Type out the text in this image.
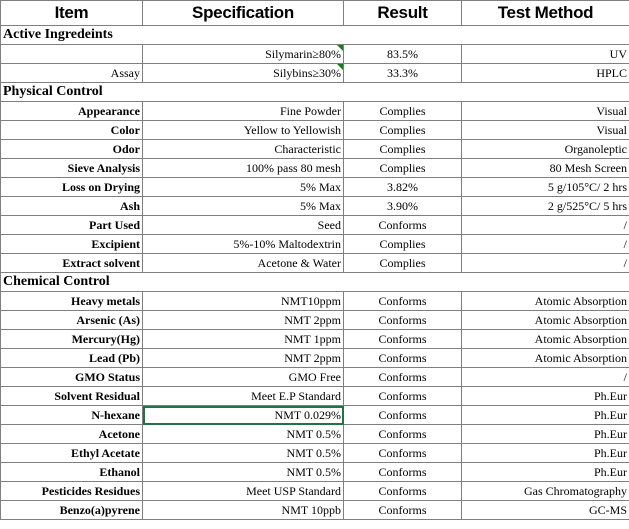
Item	Specification	Result	Test Method
Active Ingredeints			
	Silymarin≥80%	83.5%	UV
Assay	Silybins≥30%	33.3%	HPLC
Physical Control			
Appearance	Fine Powder	Complies	Visual
Color	Yellow to Yellowish	Complies	Visual
Odor	Characteristic	Complies	Organoleptic
Sieve Analysis	100% pass 80 mesh	Complies	80 Mesh Screen
Loss on Drying	5% Max	3.82%	5 g/105°C/ 2 hrs
Ash	5% Max	3.90%	2 g/525°C/ 5 hrs
Part Used	Seed	Conforms	/
Excipient	5%-10% Maltodextrin	Complies	/
Extract solvent	Acetone & Water	Complies	/
Chemical Control			
Heavy metals	NMT10ppm	Conforms	Atomic Absorption
Arsenic (As)	NMT 2ppm	Conforms	Atomic Absorption
Mercury(Hg)	NMT 1ppm	Conforms	Atomic Absorption
Lead (Pb)	NMT 2ppm	Conforms	Atomic Absorption
GMO Status	GMO Free	Conforms	/
Solvent Residual	Meet E.P Standard	Conforms	Ph.Eur
N-hexane	NMT 0.029%	Conforms	Ph.Eur
Acetone	NMT 0.5%	Conforms	Ph.Eur
Ethyl Acetate	NMT 0.5%	Conforms	Ph.Eur
Ethanol	NMT 0.5%	Conforms	Ph.Eur
Pesticides Residues	Meet USP Standard	Conforms	Gas Chromatography
Benzo(a)pyrene	NMT 10ppb	Conforms	GC-MS
